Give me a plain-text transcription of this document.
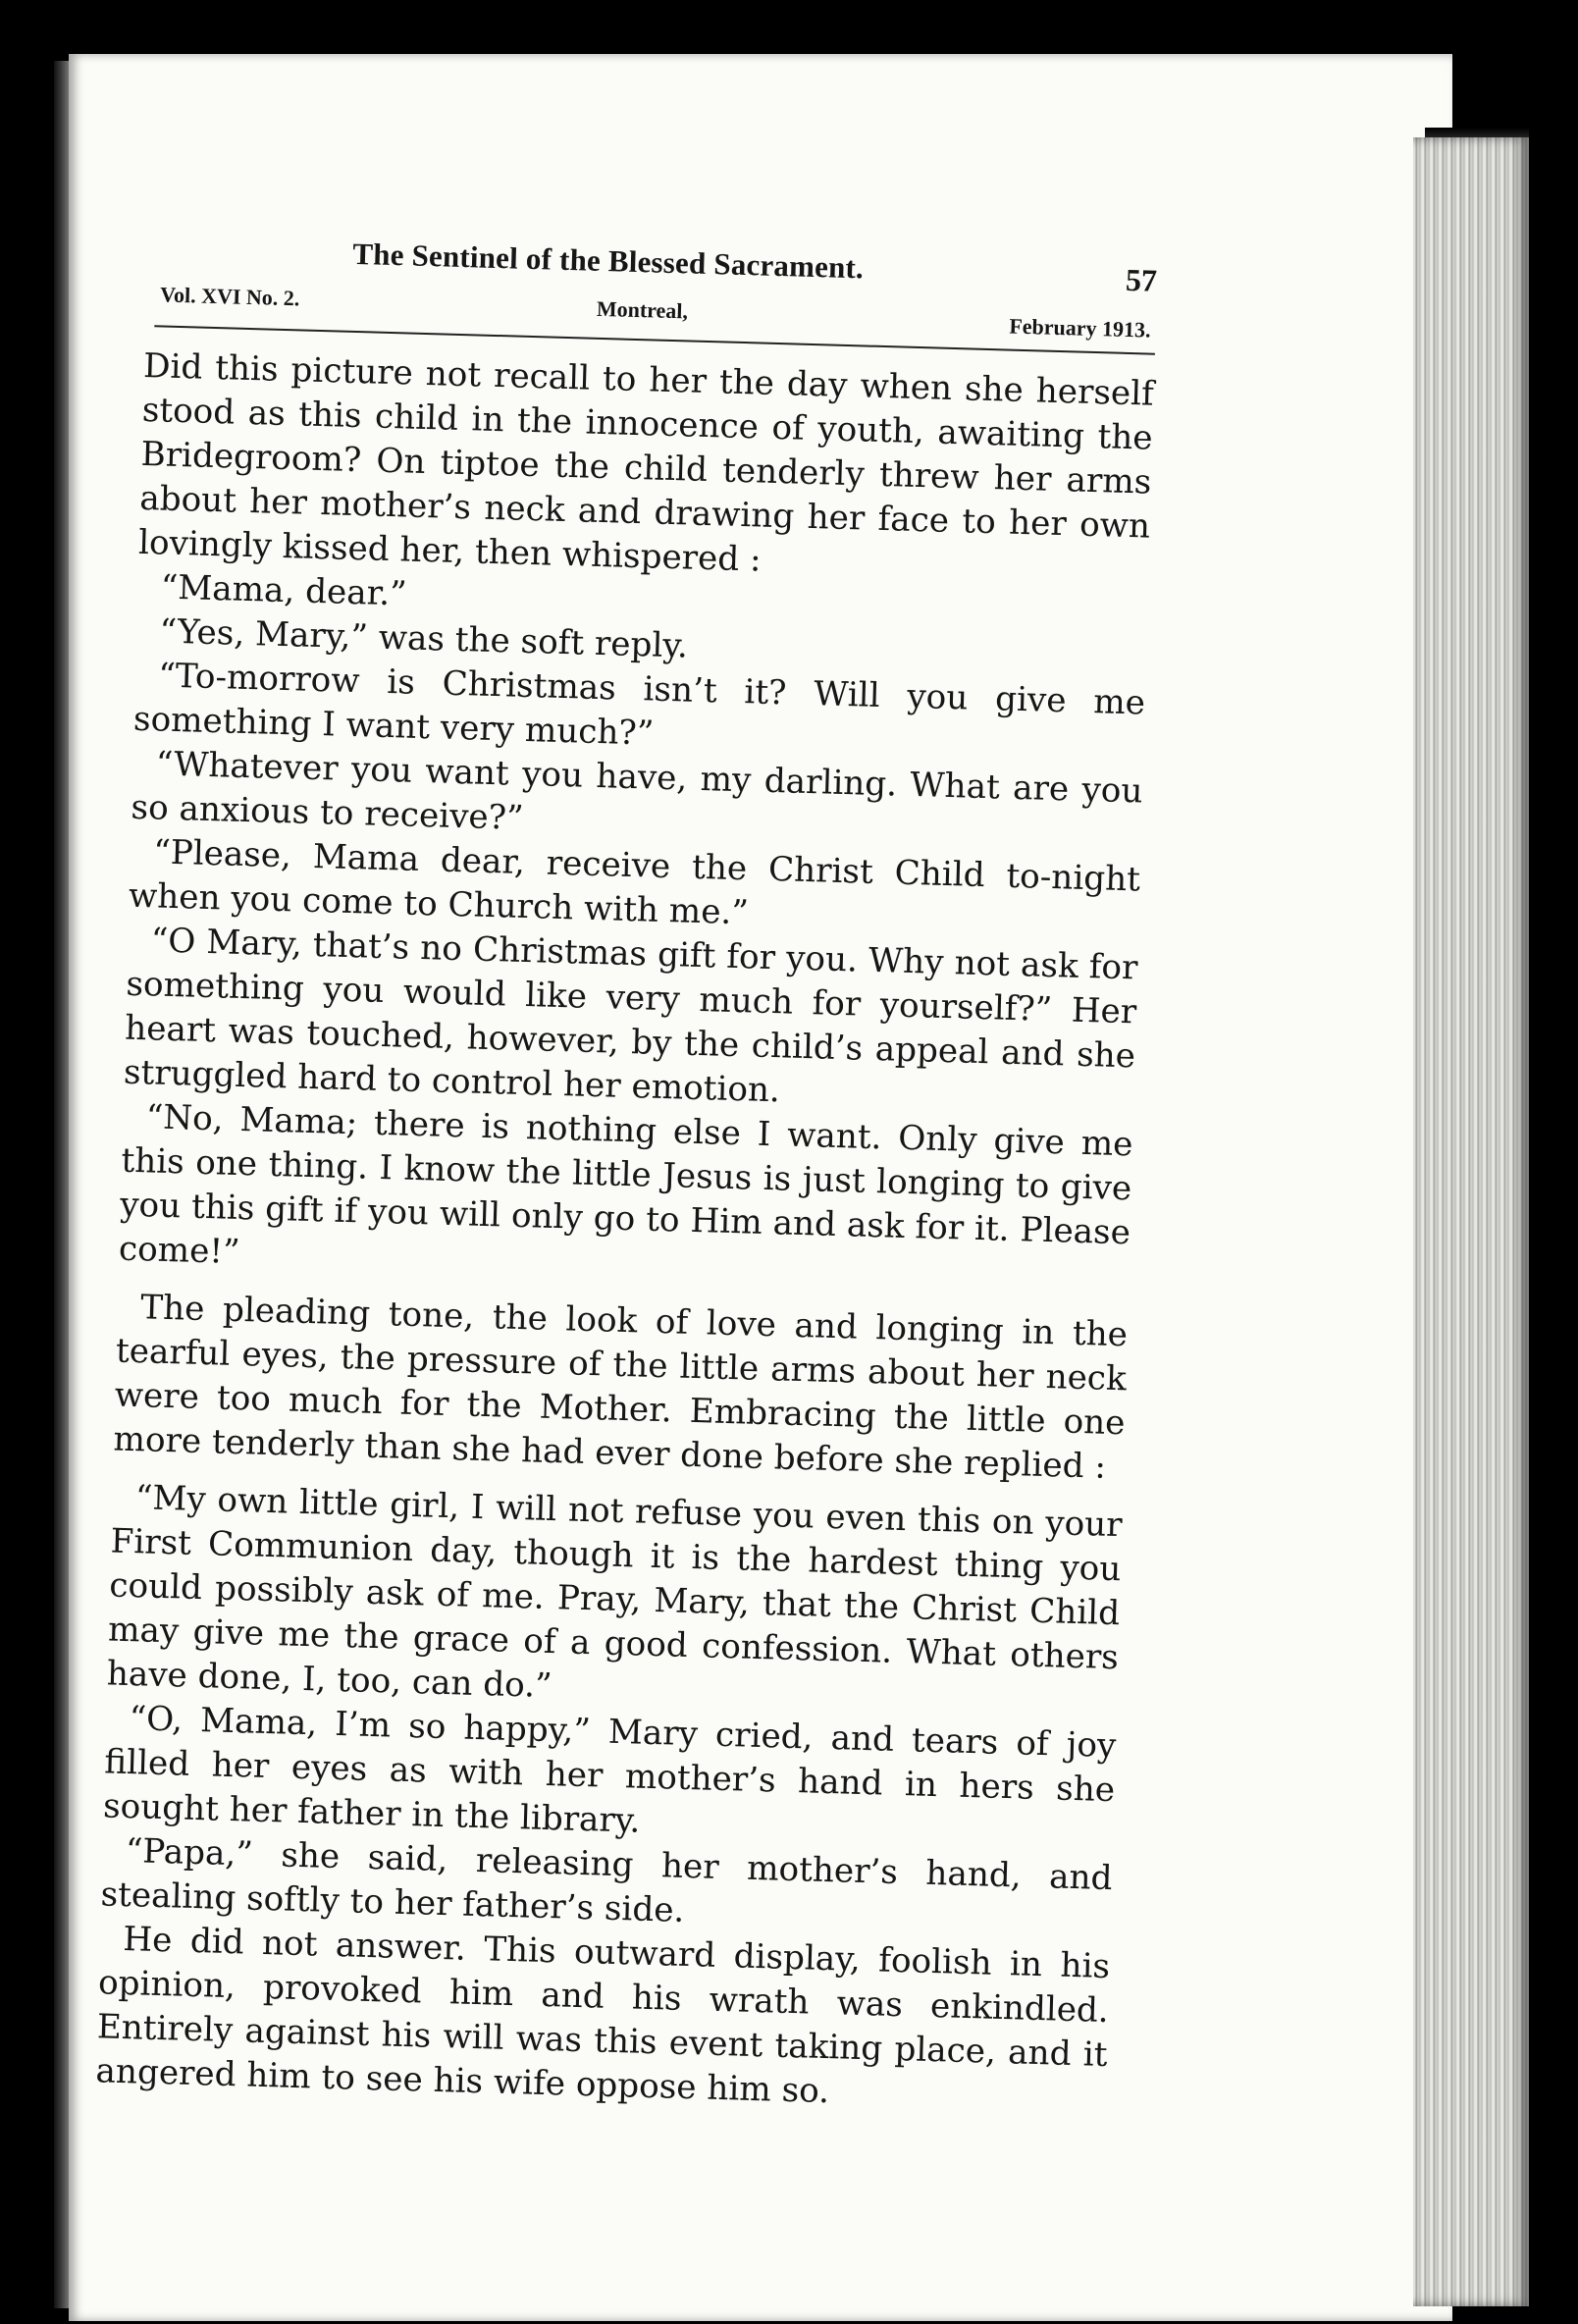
The Sentinel of the Blessed Sacrament.	57
Vol. XVI No. 2.	Montreal,
February 1913.

Did this picture not recall to her the day when she herself stood as this child in the innocence of youth, awaiting the Bridegroom? On tiptoe the child tenderly threw her arms about her mother’s neck and drawing her face to her own lovingly kissed her, then whispered :

“Mama, dear.”

“Yes, Mary,” was the soft reply.

“To-morrow is Christmas isn’t it? Will you give me something I want very much?”

“Whatever you want you have, my darling. What are you so anxious to receive?”

“Please, Mama dear, receive the Christ Child to-night when you come to Church with me.”

“O Mary, that’s no Christmas gift for you. Why not ask for something you would like very much for yourself?” Her heart was touched, however, by the child’s appeal and she struggled hard to control her emotion.

“No, Mama; there is nothing else I want. Only give me this one thing. I know the little Jesus is just longing to give you this gift if you will only go to Him and ask for it. Please come!”

The pleading tone, the look of love and longing in the tearful eyes, the pressure of the little arms about her neck were too much for the Mother. Embracing the little one more tenderly than she had ever done before she replied :

“My own little girl, I will not refuse you even this on your First Communion day, though it is the hardest thing you could possibly ask of me. Pray, Mary, that the Christ Child may give me the grace of a good confession. What others have done, I, too, can do.”

“O, Mama, I’m so happy,” Mary cried, and tears of joy filled her eyes as with her mother’s hand in hers she sought her father in the library.

“Papa,” she said, releasing her mother’s hand, and stealing softly to her father’s side.

He did not answer. This outward display, foolish in his opinion, provoked him and his wrath was enkindled. Entirely against his will was this event taking place, and it angered him to see his wife oppose him so.
